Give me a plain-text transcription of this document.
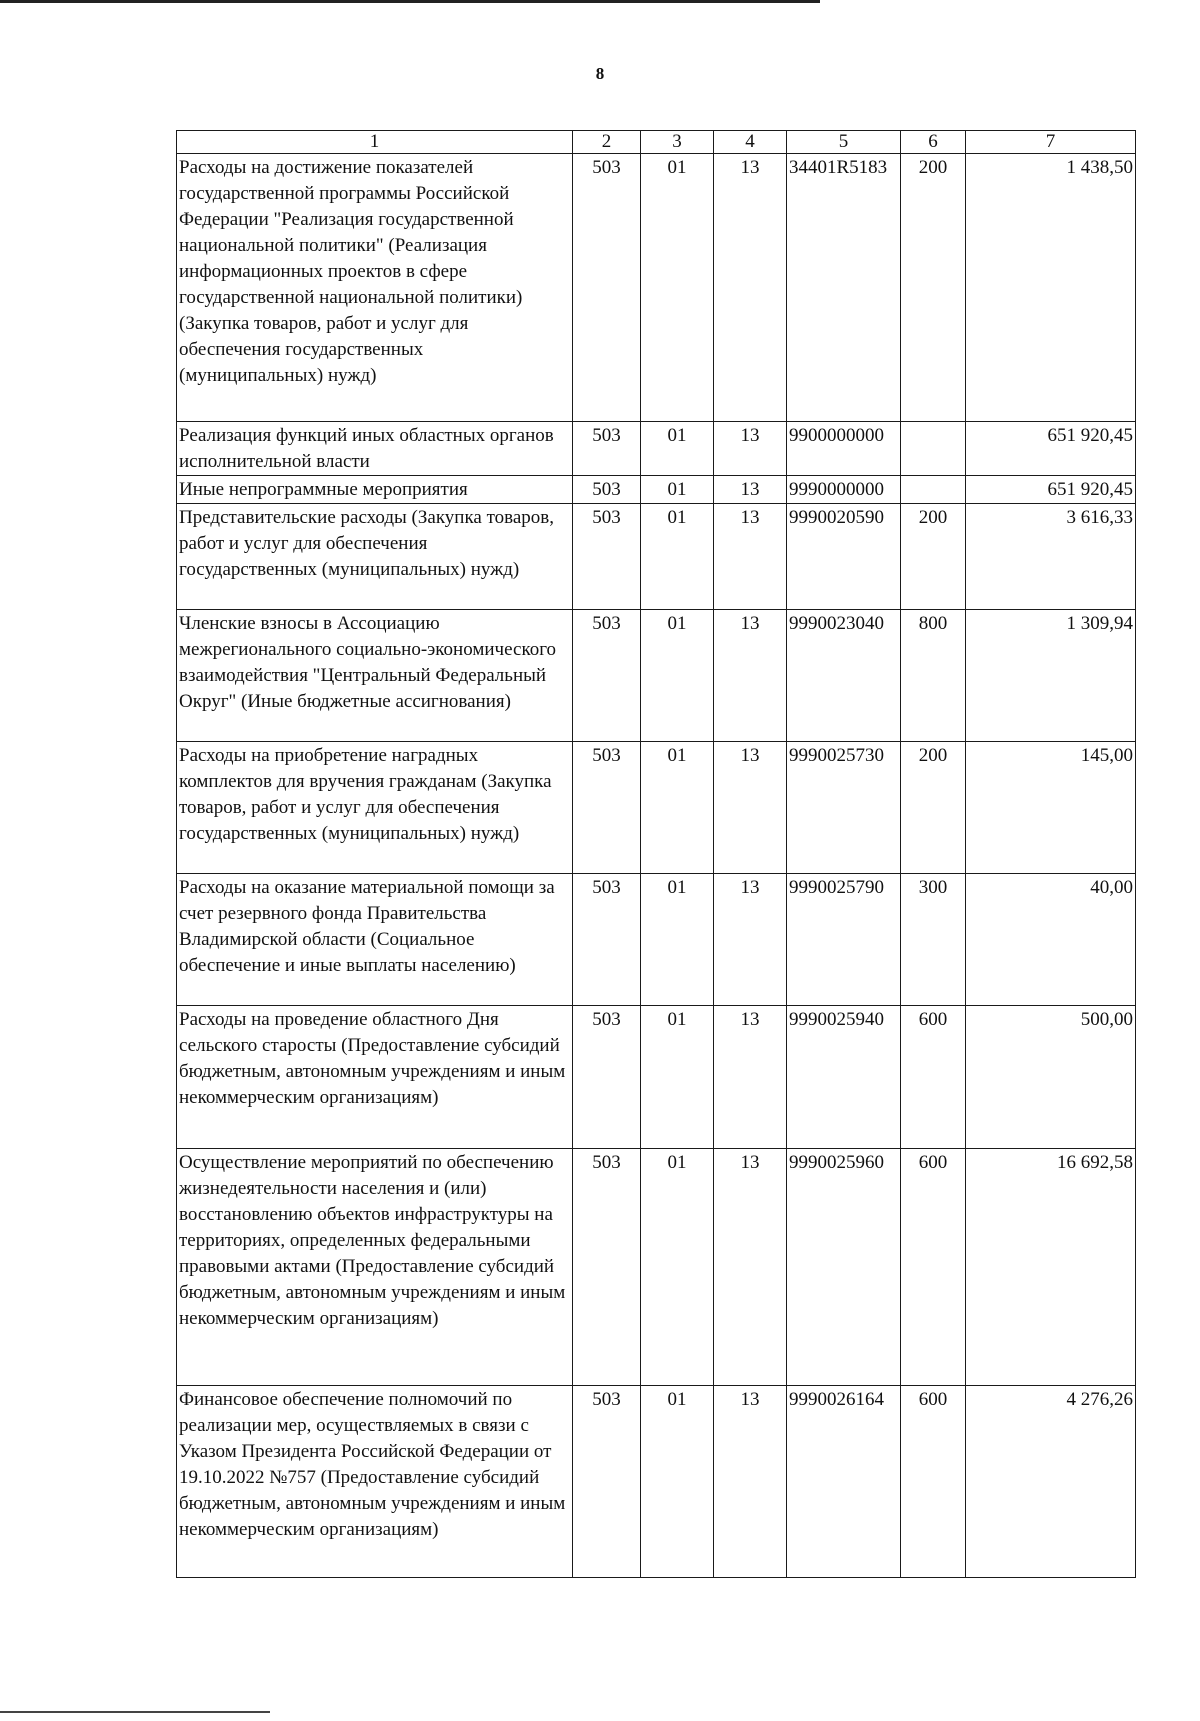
8
1	2	3	4	5	6	7
Расходы на достижение показателей государственной программы Российской Федерации "Реализация государственной национальной политики" (Реализация информационных проектов в сфере государственной национальной политики) (Закупка товаров, работ и услуг для обеспечения государственных (муниципальных) нужд)	503	01	13	34401R5183	200	1 438,50
Реализация функций иных областных органов исполнительной власти	503	01	13	9900000000		651 920,45
Иные непрограммные мероприятия	503	01	13	9990000000		651 920,45
Представительские расходы (Закупка товаров, работ и услуг для обеспечения государственных (муниципальных) нужд)	503	01	13	9990020590	200	3 616,33
Членские взносы в Ассоциацию межрегионального социально-экономического взаимодействия "Центральный Федеральный Округ" (Иные бюджетные ассигнования)	503	01	13	9990023040	800	1 309,94
Расходы на приобретение наградных комплектов для вручения гражданам (Закупка товаров, работ и услуг для обеспечения государственных (муниципальных) нужд)	503	01	13	9990025730	200	145,00
Расходы на оказание материальной помощи за счет резервного фонда Правительства Владимирской области (Социальное обеспечение и иные выплаты населению)	503	01	13	9990025790	300	40,00
Расходы на проведение областного Дня сельского старосты (Предоставление субсидий бюджетным, автономным учреждениям и иным некоммерческим организациям)	503	01	13	9990025940	600	500,00
Осуществление мероприятий по обеспечению жизнедеятельности населения и (или) восстановлению объектов инфраструктуры на территориях, определенных федеральными правовыми актами (Предоставление субсидий бюджетным, автономным учреждениям и иным некоммерческим организациям)	503	01	13	9990025960	600	16 692,58
Финансовое обеспечение полномочий по реализации мер, осуществляемых в связи с Указом Президента Российской Федерации от 19.10.2022 №757 (Предоставление субсидий бюджетным, автономным учреждениям и иным некоммерческим организациям)	503	01	13	9990026164	600	4 276,26
